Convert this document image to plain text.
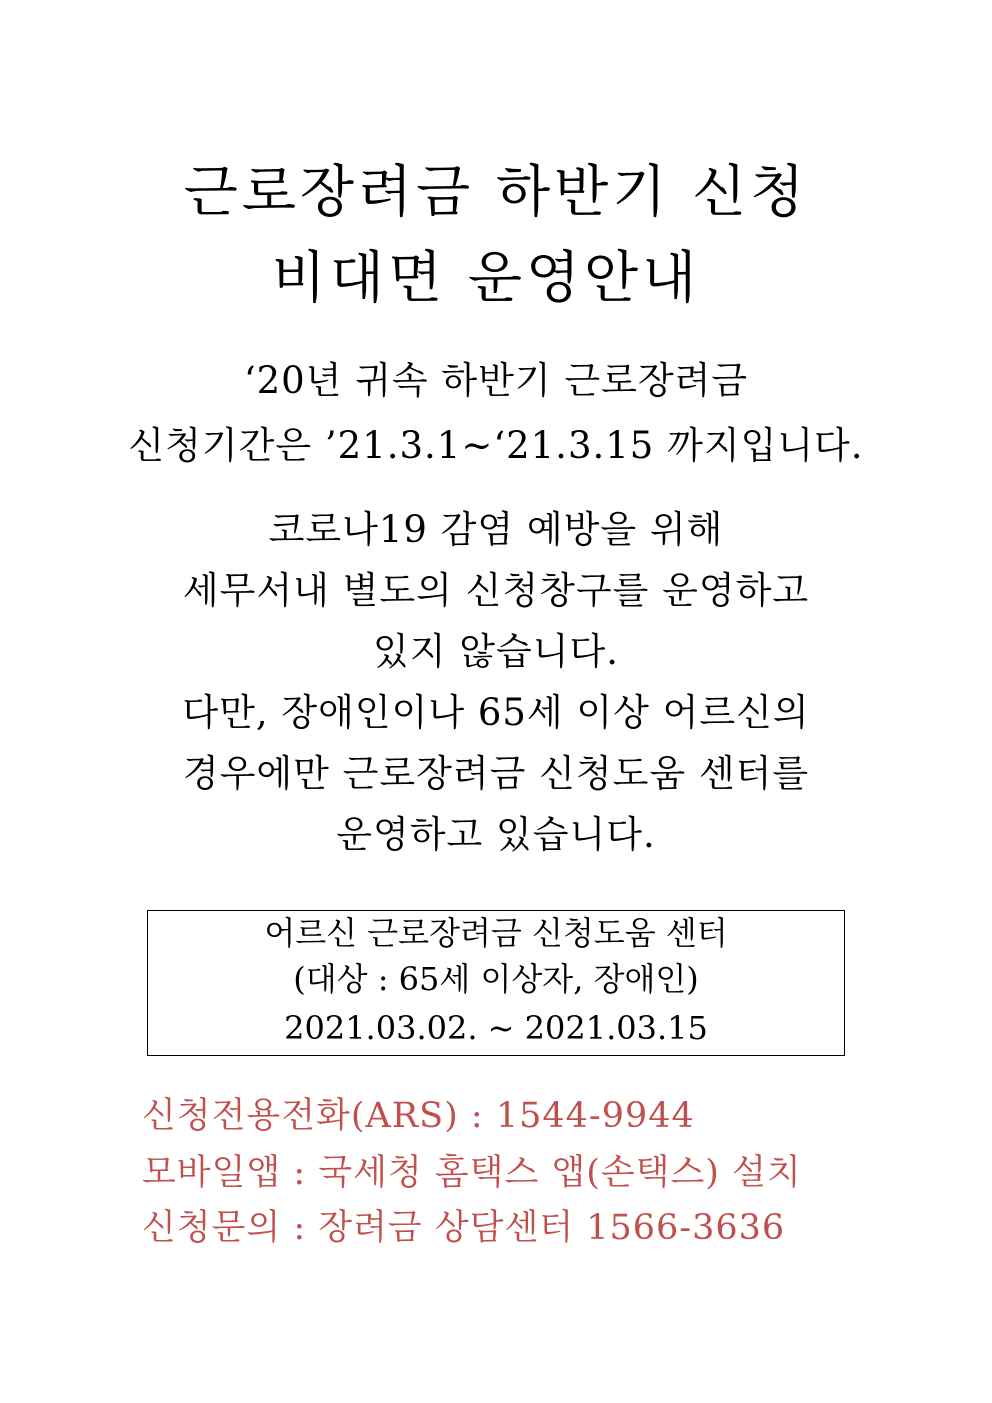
근로장려금 하반기 신청
비대면 운영안내
‘20년 귀속 하반기 근로장려금
신청기간은 ’21.3.1~‘21.3.15 까지입니다.
코로나19 감염 예방을 위해
세무서내 별도의 신청창구를 운영하고
있지 않습니다.
다만, 장애인이나 65세 이상 어르신의
경우에만 근로장려금 신청도움 센터를
운영하고 있습니다.
어르신 근로장려금 신청도움 센터
(대상 : 65세 이상자, 장애인)
2021.03.02. ~ 2021.03.15
신청전용전화(ARS) : 1544-9944
모바일앱 : 국세청 홈택스 앱(손택스) 설치
신청문의 : 장려금 상담센터 1566-3636
